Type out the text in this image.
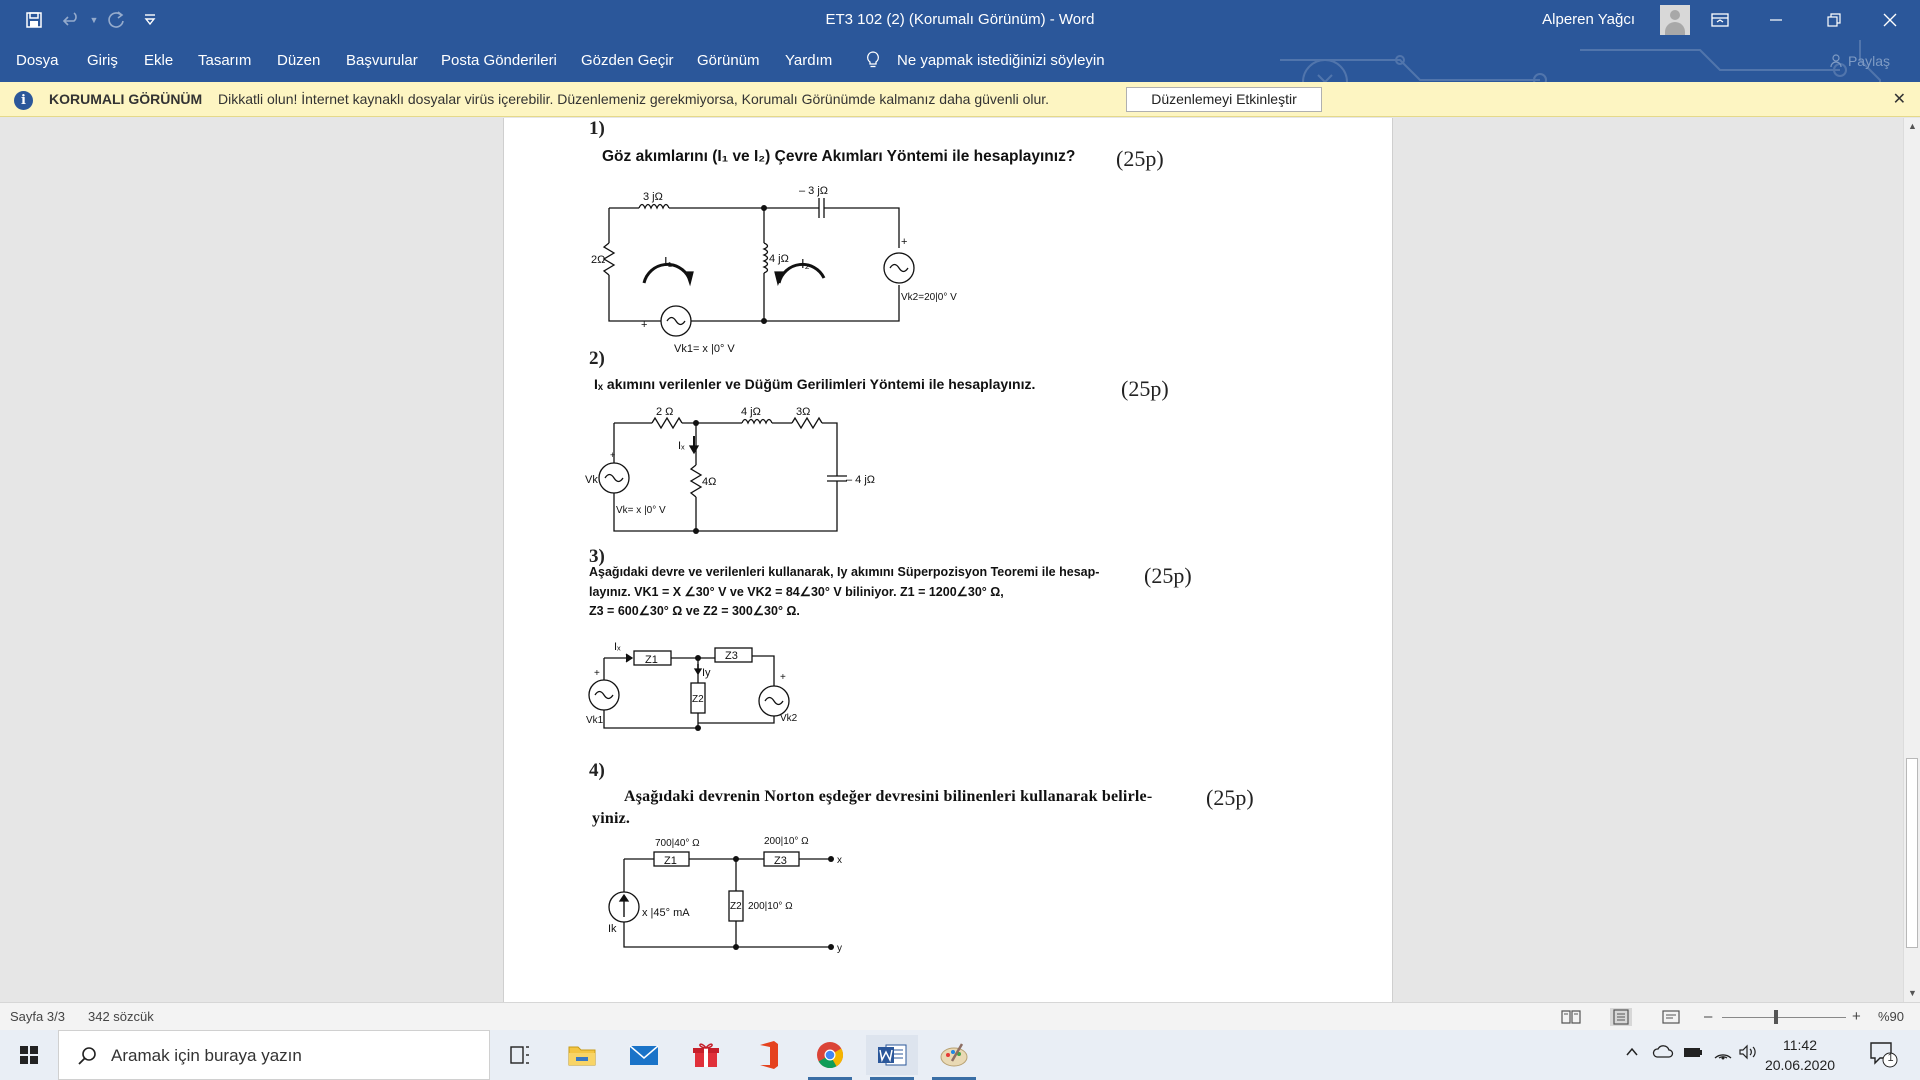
▼	ET3 102 (2) (Korumalı Görünüm) - Word	Alperen Yağcı
Dosya Giriş Ekle Tasarım Düzen Başvurular Posta Gönderileri Gözden Geçir Görünüm Yardım	Ne yapmak istediğinizi söyleyin	Paylaş
i	KORUMALI GÖRÜNÜM Dikkatli olun! İnternet kaynaklı dosyalar virüs içerebilir. Düzenlemeniz gerekmiyorsa, Korumalı Görünümde kalmanız daha güvenli olur.	Düzenlemeyi Etkinleştir	✕
1)
Göz akımlarını (I₁ ve I₂) Çevre Akımları Yöntemi ile hesaplayınız? (25p)
3 jΩ	– 3 jΩ
2Ω	4 jΩ
I₁	I₂
+
Vk2=20|0° V
+
Vk1= x |0° V
2)
Iₓ akımını verilenler ve Düğüm Gerilimleri Yöntemi ile hesaplayınız.	(25p)
2 Ω	4 jΩ	3Ω
Iₓ
4Ω	– 4 jΩ
Vk
+
Vk= x |0° V
3)
Aşağıdaki devre ve verilenleri kullanarak, Iy akımını Süperpozisyon Teoremi ile hesap-
layınız. VK1 = X ∠30° V ve VK2 = 84∠30° V biliniyor. Z1 = 1200∠30° Ω,
Z3 = 600∠30° Ω ve Z2 = 300∠30° Ω.
(25p)
Iₓ
Z1	Z3
Iy
Z2
Vk1	Vk2
+	+
4)
Aşağıdaki devrenin Norton eşdeğer devresini bilinenleri kullanarak belirle-
yiniz.
(25p)
700|40° Ω	200|10° Ω
Z1	Z3
Z2 200|10° Ω
x |45° mA
Ik
x
y
▲
▼
Sayfa 3/3 342 sözcük	–	+ %90
Aramak için buraya yazın
11:42
20.06.2020	1
